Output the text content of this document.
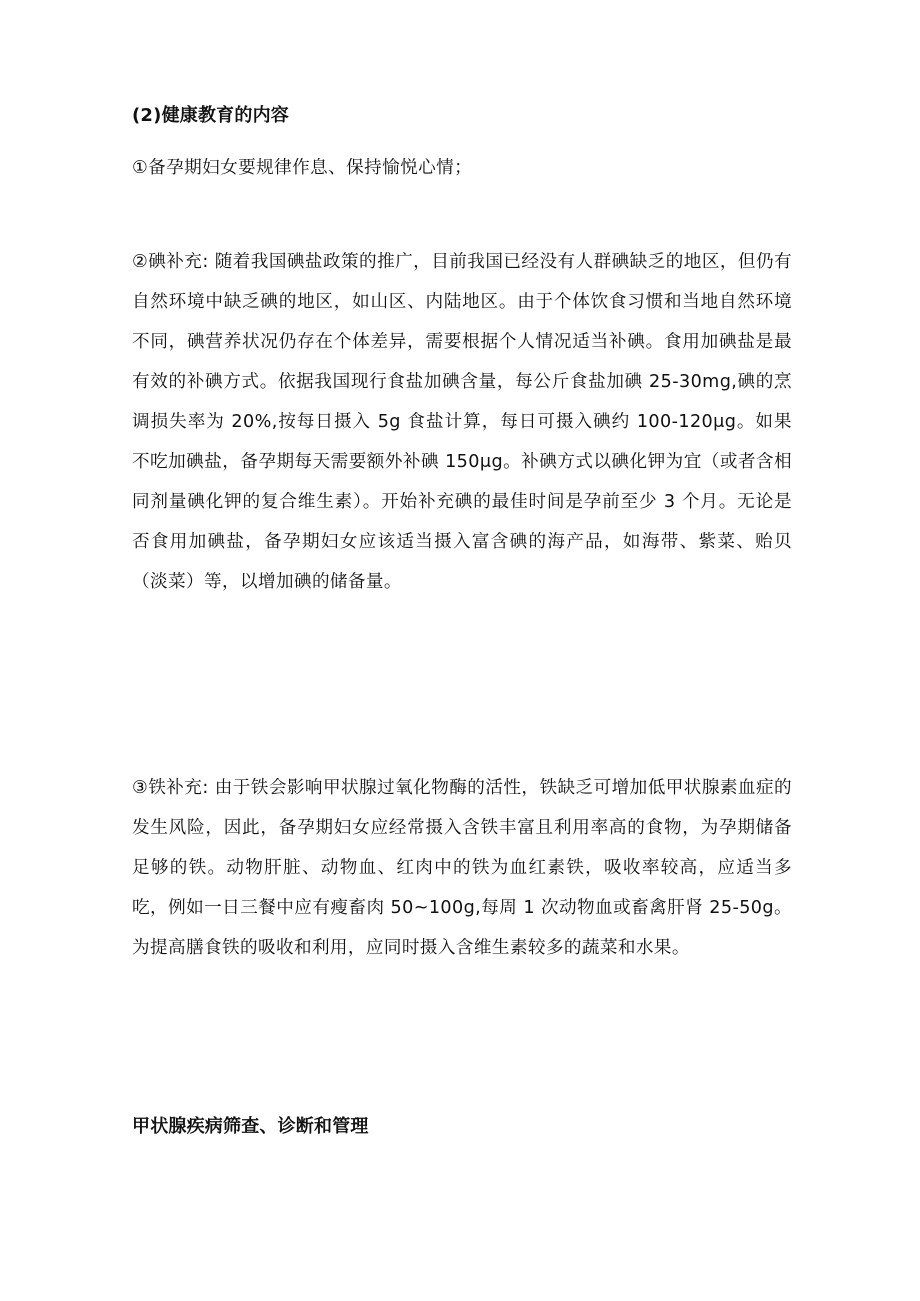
(2)健康教育的内容

①备孕期妇女要规律作息、保持愉悦心情；

②碘补充: 随着我国碘盐政策的推广，目前我国已经没有人群碘缺乏的地区，但仍有自然环境中缺乏碘的地区，如山区、内陆地区。由于个体饮食习惯和当地自然环境不同，碘营养状况仍存在个体差异，需要根据个人情况适当补碘。食用加碘盐是最有效的补碘方式。依据我国现行食盐加碘含量，每公斤食盐加碘 25-30mg,碘的烹调损失率为 20%,按每日摄入 5g 食盐计算，每日可摄入碘约 100-120μg。如果不吃加碘盐，备孕期每天需要额外补碘 150μg。补碘方式以碘化钾为宜（或者含相同剂量碘化钾的复合维生素）。开始补充碘的最佳时间是孕前至少 3 个月。无论是否食用加碘盐，备孕期妇女应该适当摄入富含碘的海产品，如海带、紫菜、贻贝（淡菜）等，以增加碘的储备量。

③铁补充: 由于铁会影响甲状腺过氧化物酶的活性，铁缺乏可增加低甲状腺素血症的发生风险，因此，备孕期妇女应经常摄入含铁丰富且利用率高的食物，为孕期储备足够的铁。动物肝脏、动物血、红肉中的铁为血红素铁，吸收率较高，应适当多吃，例如一日三餐中应有瘦畜肉 50~100g,每周 1 次动物血或畜禽肝肾 25-50g。为提高膳食铁的吸收和利用，应同时摄入含维生素较多的蔬菜和水果。

甲状腺疾病筛查、诊断和管理
